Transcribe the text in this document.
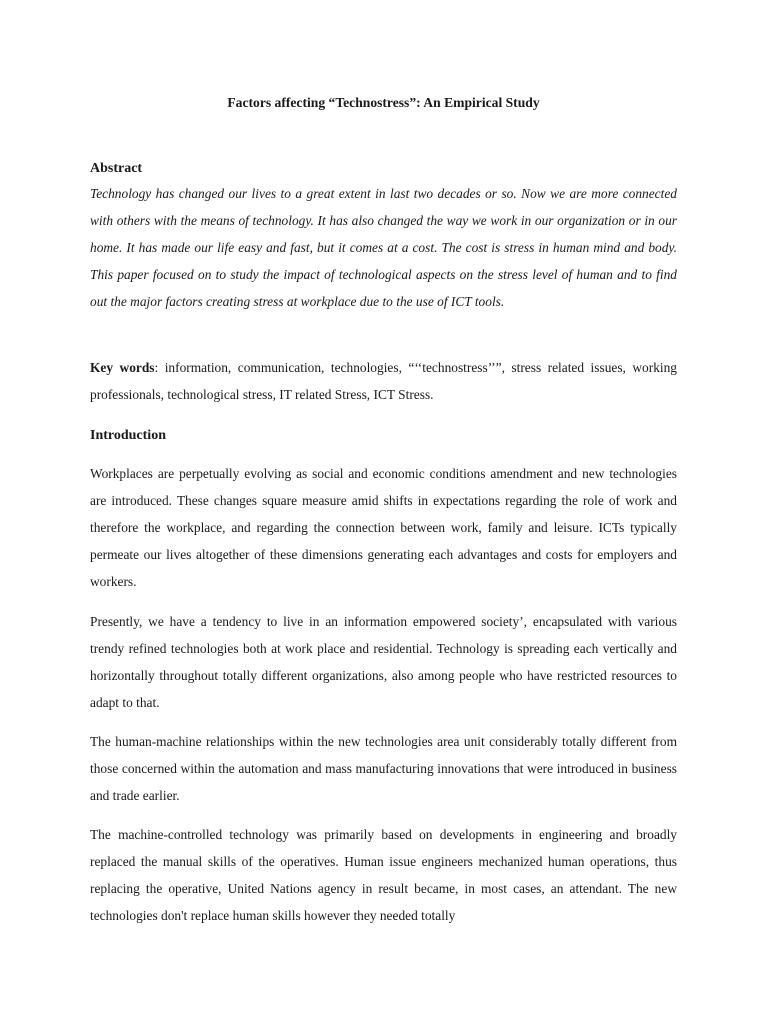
Factors affecting “Technostress”: An Empirical Study
Abstract

Technology has changed our lives to a great extent in last two decades or so. Now we are more connected with others with the means of technology. It has also changed the way we work in our organization or in our home. It has made our life easy and fast, but it comes at a cost. The cost is stress in human mind and body. This paper focused on to study the impact of technological aspects on the stress level of human and to find out the major factors creating stress at workplace due to the use of ICT tools.

Key words: information, communication, technologies, “‘‘technostress’’”, stress related issues, working professionals, technological stress, IT related Stress, ICT Stress.

Introduction

Workplaces are perpetually evolving as social and economic conditions amendment and new technologies are introduced. These changes square measure amid shifts in expectations regarding the role of work and therefore the workplace, and regarding the connection between work, family and leisure. ICTs typically permeate our lives altogether of these dimensions generating each advantages and costs for employers and workers.

Presently, we have a tendency to live in an information empowered society’, encapsulated with various trendy refined technologies both at work place and residential. Technology is spreading each vertically and horizontally throughout totally different organizations, also among people who have restricted resources to adapt to that.

The human-machine relationships within the new technologies area unit considerably totally different from those concerned within the automation and mass manufacturing innovations that were introduced in business and trade earlier.

The machine-controlled technology was primarily based on developments in engineering and broadly replaced the manual skills of the operatives. Human issue engineers mechanized human operations, thus replacing the operative, United Nations agency in result became, in most cases, an attendant. The new technologies don't replace human skills however they needed totally
